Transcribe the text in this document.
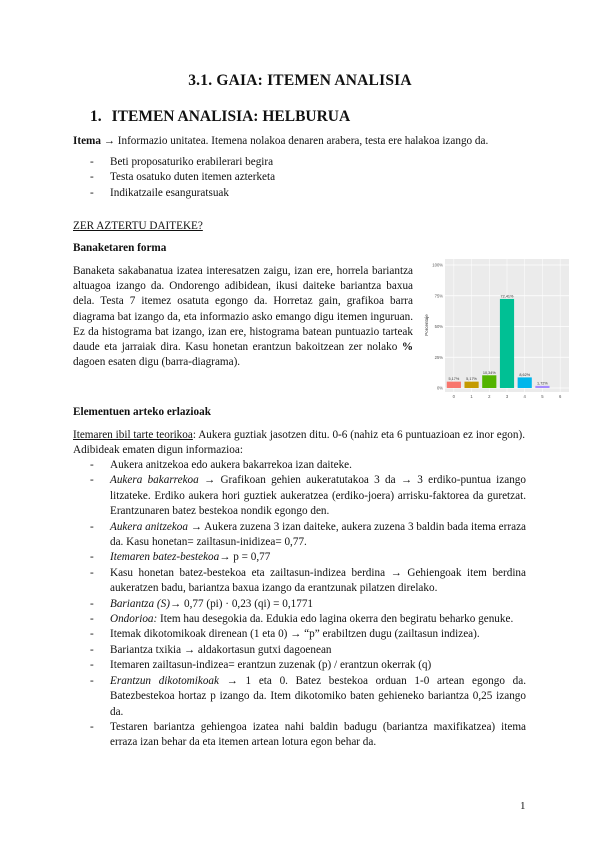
3.1. GAIA: ITEMEN ANALISIA
1. ITEMEN ANALISIA: HELBURUA

Itema → Informazio unitatea. Itemena nolakoa denaren arabera, testa ere halakoa izango da.

- Beti proposaturiko erabilerari begira
- Testa osatuko duten itemen azterketa
- Indikatzaile esanguratsuak

ZER AZTERTU DAITEKE?

Banaketaren forma

Banaketa sakabanatua izatea interesatzen zaigu, izan ere, horrela bariantza altuagoa izango da. Ondorengo adibidean, ikusi daiteke bariantza baxua dela. Testa 7 itemez osatuta egongo da. Horretaz gain, grafikoa barra diagrama bat izango da, eta informazio asko emango digu itemen inguruan. Ez da histograma bat izango, izan ere, histograma batean puntuazio tarteak daude eta jarraiak dira. Kasu honetan erantzun bakoitzean zer nolako % dagoen esaten digu (barra-diagrama).

5,17% 5,17%
10,34%
72,41%
8,62%
1,72%
0%
25%
50%
75%
100%
0	1	2	3	4	5	6
Porcentaje

Elementuen arteko erlazioak

Itemaren ibil tarte teorikoa: Aukera guztiak jasotzen ditu. 0-6 (nahiz eta 6 puntuazioan ez inor egon). Adibideak ematen digun informazioa:

- Aukera anitzekoa edo aukera bakarrekoa izan daiteke.
- Aukera bakarrekoa → Grafikoan gehien aukeratutakoa 3 da → 3 erdiko-puntua izango litzateke. Erdiko aukera hori guztiek aukeratzea (erdiko-joera) arrisku-faktorea da guretzat. Erantzunaren batez bestekoa nondik egongo den.
- Aukera anitzekoa → Aukera zuzena 3 izan daiteke, aukera zuzena 3 baldin bada itema erraza da. Kasu honetan= zailtasun-inidizea= 0,77.
- Itemaren batez-bestekoa→ p = 0,77
- Kasu honetan batez-bestekoa eta zailtasun-indizea berdina → Gehiengoak item berdina aukeratzen badu, bariantza baxua izango da erantzunak pilatzen direlako.
- Bariantza (S)→ 0,77 (pi) · 0,23 (qi) = 0,1771
- Ondorioa: Item hau desegokia da. Edukia edo lagina okerra den begiratu beharko genuke.
- Itemak dikotomikoak direnean (1 eta 0) → “p” erabiltzen dugu (zailtasun indizea).
- Bariantza txikia → aldakortasun gutxi dagoenean
- Itemaren zailtasun-indizea= erantzun zuzenak (p) / erantzun okerrak (q)
- Erantzun dikotomikoak → 1 eta 0. Batez bestekoa orduan 1-0 artean egongo da. Batezbestekoa hortaz p izango da. Item dikotomiko baten gehieneko bariantza 0,25 izango da.
- Testaren bariantza gehiengoa izatea nahi baldin badugu (bariantza maxifikatzea) itema erraza izan behar da eta itemen artean lotura egon behar da.
1
